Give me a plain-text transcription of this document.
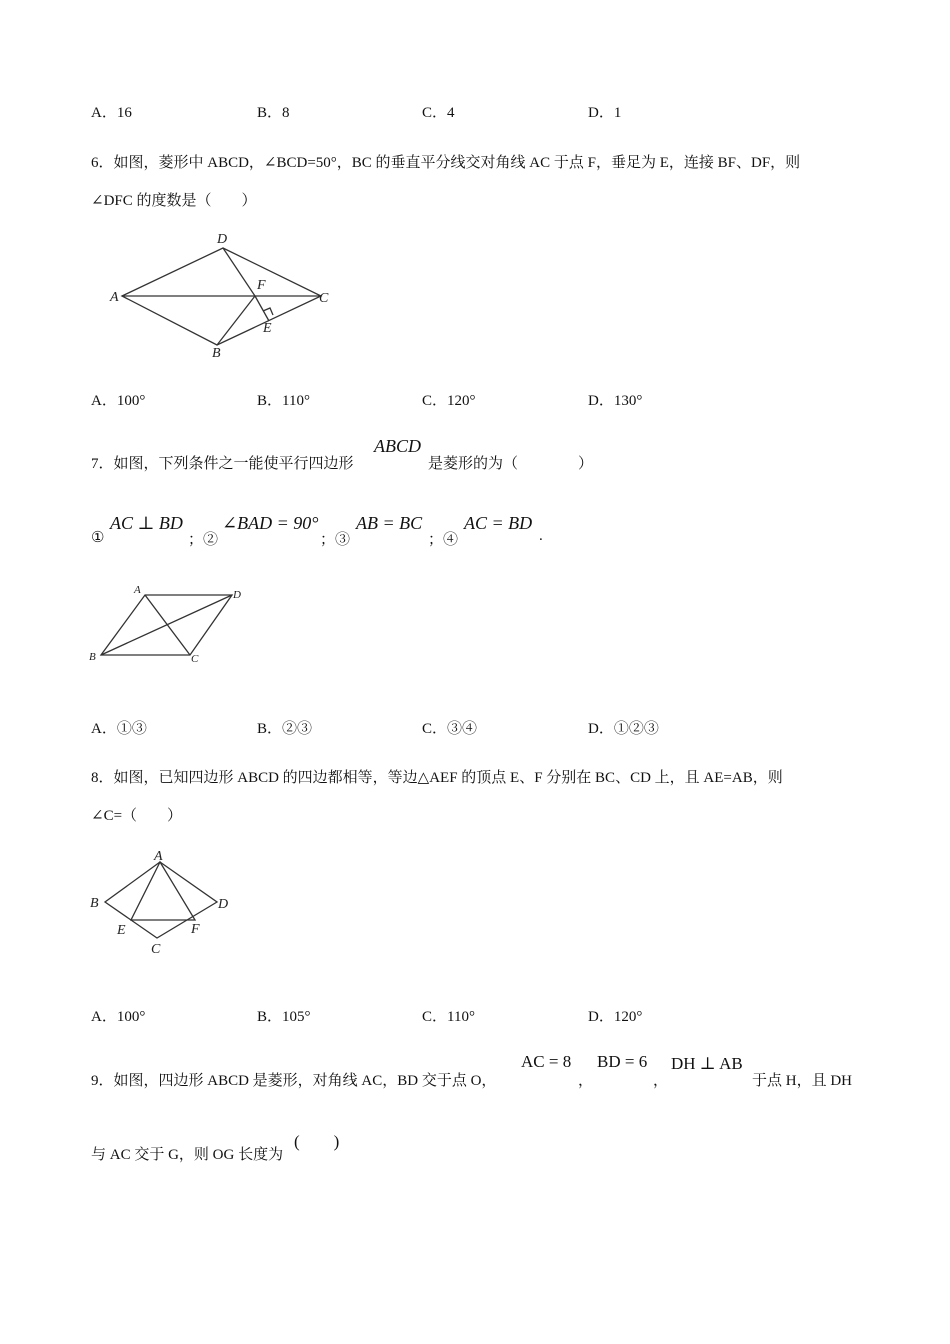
A．16	B．8	C．4	D．1
6．如图，菱形中 ABCD，∠BCD=50°，BC 的垂直平分线交对角线 AC 于点 F，垂足为 E，连接 BF、DF，则
∠DFC 的度数是（　　）
D
A
F
C
E
B
A．100°	B．110°	C．120°	D．130°
7．如图，下列条件之一能使平行四边形
ABCD
是菱形的为（　　　　）
①
AC ⊥ BD
；②
∠BAD = 90°
；③
AB = BC
；④
AC = BD
.
A	D
B	C
A．①③	B．②③	C．③④	D．①②③
8．如图，已知四边形 ABCD 的四边都相等，等边△AEF 的顶点 E、F 分别在 BC、CD 上，且 AE=AB，则
∠C=（　　）
A
B	D
E	F
C
A．100°	B．105°	C．110°	D．120°
9．如图，四边形 ABCD 是菱形，对角线 AC，BD 交于点 O，
AC = 8
，
BD = 6
，
DH ⊥ AB
于点 H，且 DH
与 AC 交于 G，则 OG 长度为
(　　)
